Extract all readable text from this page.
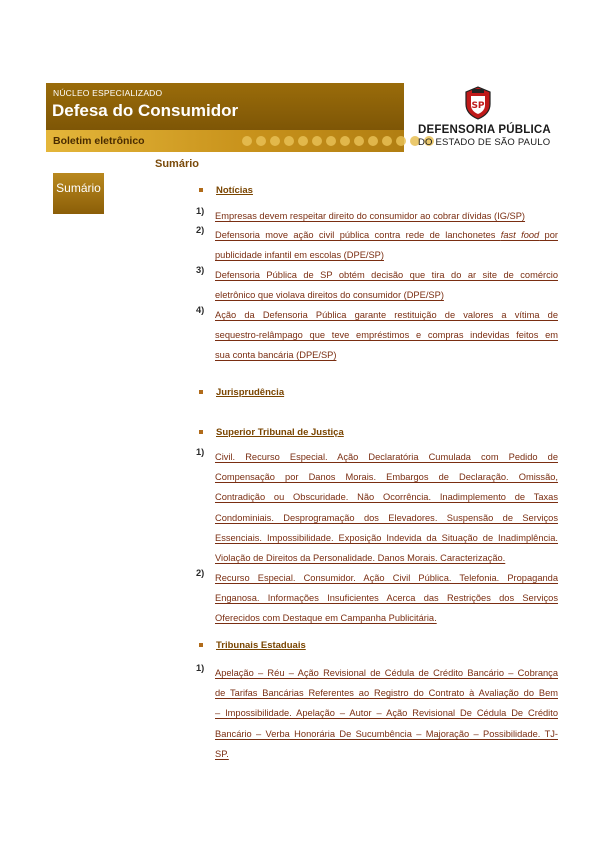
NÚCLEO ESPECIALIZADO
Defesa do Consumidor
Boletim eletrônico
SP
DEFENSORIA PÚBLICA
DO ESTADO DE SÃO PAULO
Sumário
Sumário
Notícias
1) Empresas devem respeitar direito do consumidor ao cobrar dívidas (IG/SP)
2) Defensoria move ação civil pública contra rede de lanchonetes fast food por
publicidade infantil em escolas (DPE/SP)
3) Defensoria Pública de SP obtém decisão que tira do ar site de comércio
eletrônico que violava direitos do consumidor (DPE/SP)
4) Ação da Defensoria Pública garante restituição de valores a vítima de
sequestro-relâmpago que teve empréstimos e compras indevidas feitos em
sua conta bancária (DPE/SP)
Jurisprudência
Superior Tribunal de Justiça
1) Civil. Recurso Especial. Ação Declaratória Cumulada com Pedido de
Compensação por Danos Morais. Embargos de Declaração. Omissão,
Contradição ou Obscuridade. Não Ocorrência. Inadimplemento de Taxas
Condominiais. Desprogramação dos Elevadores. Suspensão de Serviços
Essenciais. Impossibilidade. Exposição Indevida da Situação de Inadimplência.
Violação de Direitos da Personalidade. Danos Morais. Caracterização.
2) Recurso Especial. Consumidor. Ação Civil Pública. Telefonia. Propaganda
Enganosa. Informações Insuficientes Acerca das Restrições dos Serviços
Oferecidos com Destaque em Campanha Publicitária.
Tribunais Estaduais
1) Apelação – Réu – Ação Revisional de Cédula de Crédito Bancário – Cobrança
de Tarifas Bancárias Referentes ao Registro do Contrato à Avaliação do Bem
– Impossibilidade. Apelação – Autor – Ação Revisional De Cédula De Crédito
Bancário – Verba Honorária De Sucumbência – Majoração – Possibilidade. TJ-
SP.
